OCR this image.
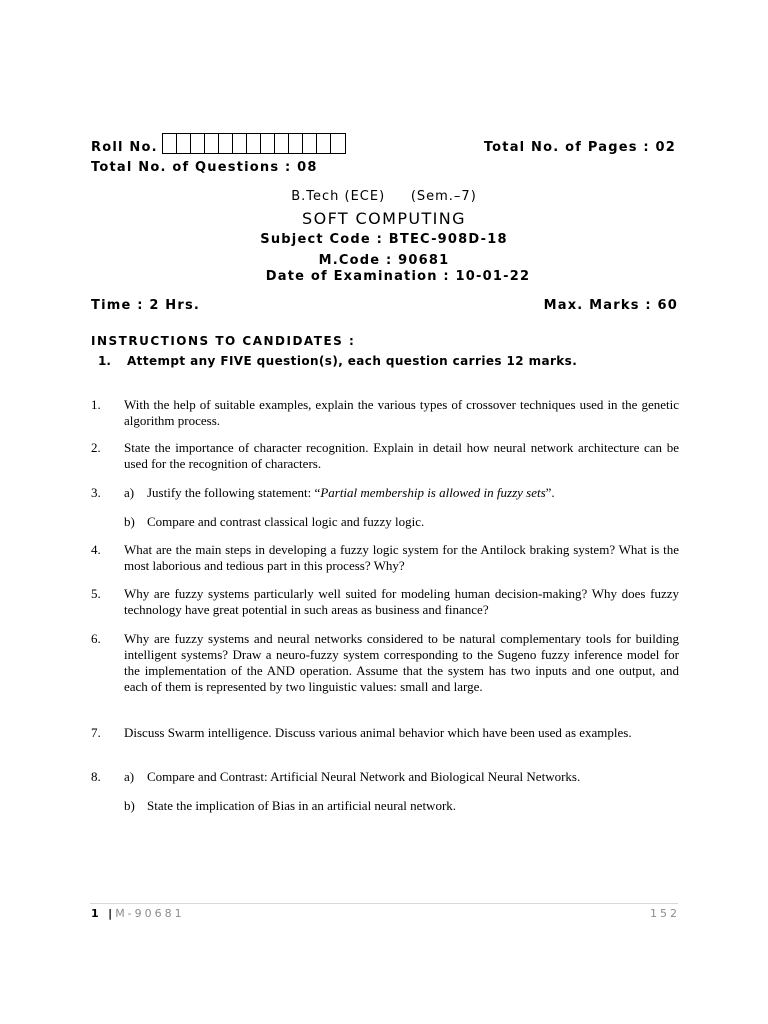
Roll No.	Total No. of Pages : 02
Total No. of Questions : 08
B.Tech (ECE)     (Sem.–7)
SOFT COMPUTING
Subject Code : BTEC-908D-18
M.Code : 90681
Date of Examination : 10-01-22
Time : 2 Hrs.	Max. Marks : 60
INSTRUCTIONS TO CANDIDATES :
1. Attempt any FIVE question(s), each question carries 12 marks.
1. With the help of suitable examples, explain the various types of crossover techniques used in the genetic algorithm process.
2. State the importance of character recognition. Explain in detail how neural network architecture can be used for the recognition of characters.
3. a) Justify the following statement: “Partial membership is allowed in fuzzy sets”.
b) Compare and contrast classical logic and fuzzy logic.
4. What are the main steps in developing a fuzzy logic system for the Antilock braking system? What is the most laborious and tedious part in this process? Why?
5. Why are fuzzy systems particularly well suited for modeling human decision-making? Why does fuzzy technology have great potential in such areas as business and finance?
6. Why are fuzzy systems and neural networks considered to be natural complementary tools for building intelligent systems? Draw a neuro-fuzzy system corresponding to the Sugeno fuzzy inference model for the implementation of the AND operation. Assume that the system has two inputs and one output, and each of them is represented by two linguistic values: small and large.
7. Discuss Swarm intelligence. Discuss various animal behavior which have been used as examples.
8. a) Compare and Contrast: Artificial Neural Network and Biological Neural Networks.
b) State the implication of Bias in an artificial neural network.
1 |M-90681	152
